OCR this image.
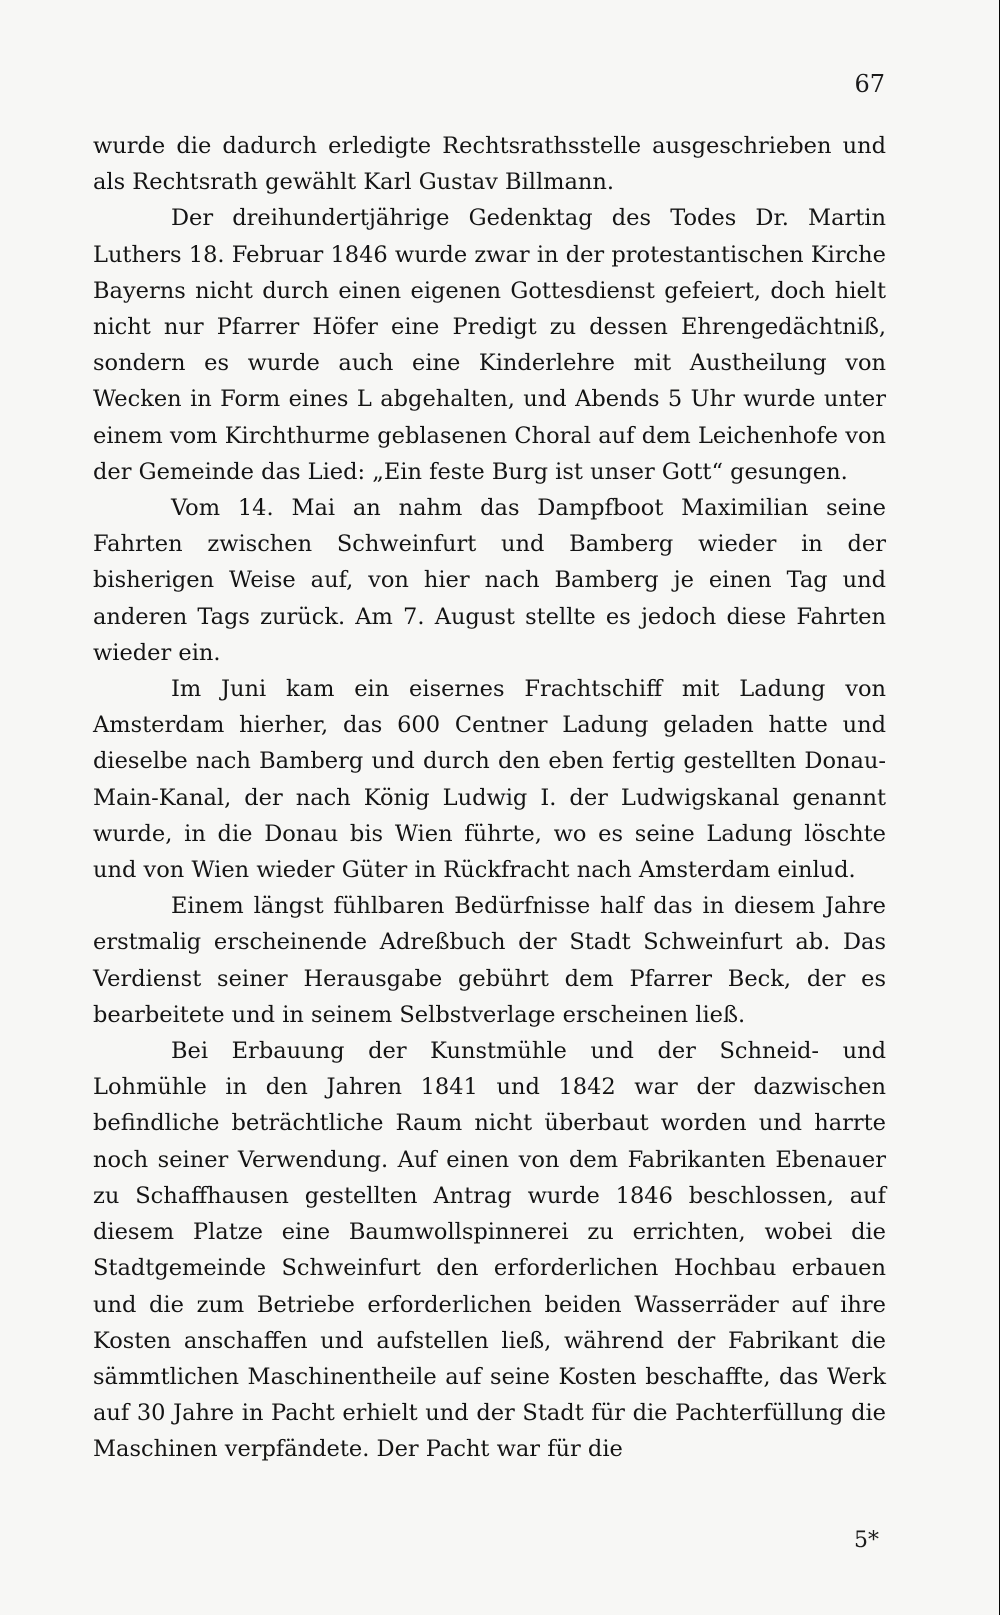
67

wurde die dadurch erledigte Rechtsrathsstelle ausgeschrieben und als Rechtsrath gewählt Karl Gustav Billmann.

Der dreihundertjährige Gedenktag des Todes Dr. Martin Luthers 18. Februar 1846 wurde zwar in der protestantischen Kirche Bayerns nicht durch einen eigenen Gottesdienst gefeiert, doch hielt nicht nur Pfarrer Höfer eine Predigt zu dessen Ehrengedächtniß, sondern es wurde auch eine Kinderlehre mit Austheilung von Wecken in Form eines L abgehalten, und Abends 5 Uhr wurde unter einem vom Kirchthurme geblasenen Choral auf dem Leichenhofe von der Gemeinde das Lied: „Ein feste Burg ist unser Gott“ gesungen.

Vom 14. Mai an nahm das Dampfboot Maximilian seine Fahrten zwischen Schweinfurt und Bamberg wieder in der bisherigen Weise auf, von hier nach Bamberg je einen Tag und anderen Tags zurück. Am 7. August stellte es jedoch diese Fahrten wieder ein.

Im Juni kam ein eisernes Frachtschiff mit Ladung von Amsterdam hierher, das 600 Centner Ladung geladen hatte und dieselbe nach Bamberg und durch den eben fertig gestellten Donau-Main-Kanal, der nach König Ludwig I. der Ludwigskanal genannt wurde, in die Donau bis Wien führte, wo es seine Ladung löschte und von Wien wieder Güter in Rückfracht nach Amsterdam einlud.

Einem längst fühlbaren Bedürfnisse half das in diesem Jahre erstmalig erscheinende Adreßbuch der Stadt Schweinfurt ab. Das Verdienst seiner Herausgabe gebührt dem Pfarrer Beck, der es bearbeitete und in seinem Selbstverlage erscheinen ließ.

Bei Erbauung der Kunstmühle und der Schneid- und Lohmühle in den Jahren 1841 und 1842 war der dazwischen befindliche beträchtliche Raum nicht überbaut worden und harrte noch seiner Verwendung. Auf einen von dem Fabrikanten Ebenauer zu Schaffhausen gestellten Antrag wurde 1846 beschlossen, auf diesem Platze eine Baumwollspinnerei zu errichten, wobei die Stadtgemeinde Schweinfurt den erforderlichen Hochbau erbauen und die zum Betriebe erforderlichen beiden Wasserräder auf ihre Kosten anschaffen und aufstellen ließ, während der Fabrikant die sämmtlichen Maschinentheile auf seine Kosten beschaffte, das Werk auf 30 Jahre in Pacht erhielt und der Stadt für die Pachterfüllung die Maschinen verpfändete. Der Pacht war für die

5*
